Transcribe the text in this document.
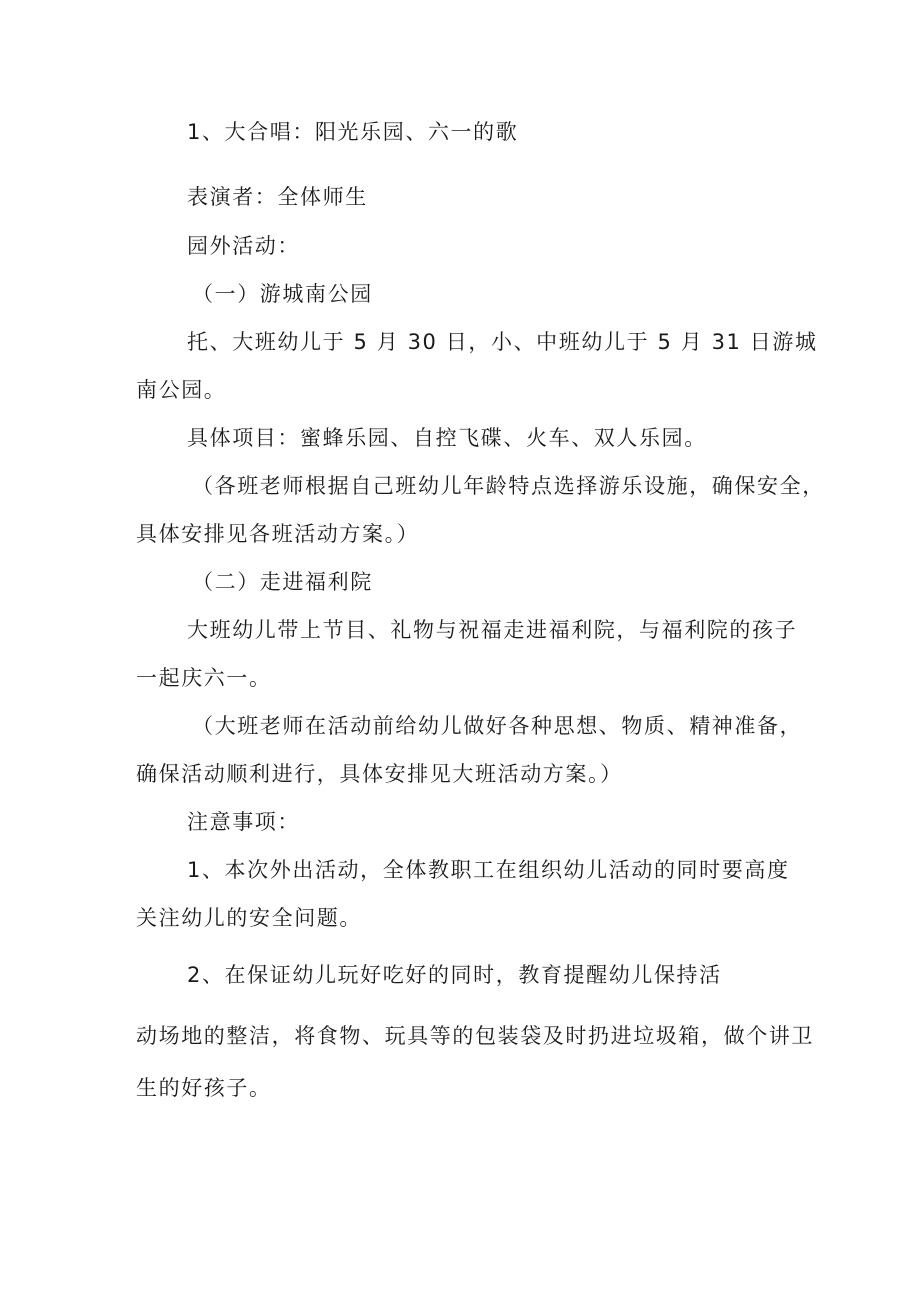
1、大合唱：阳光乐园、六一的歌
表演者：全体师生
园外活动：
（一）游城南公园
托、大班幼儿于 5 月 30 日，小、中班幼儿于 5 月 31 日游城
南公园。
具体项目：蜜蜂乐园、自控飞碟、火车、双人乐园。
（各班老师根据自己班幼儿年龄特点选择游乐设施，确保安全，
具体安排见各班活动方案。）
（二）走进福利院
大班幼儿带上节目、礼物与祝福走进福利院，与福利院的孩子
一起庆六一。
（大班老师在活动前给幼儿做好各种思想、物质、精神准备，
确保活动顺利进行，具体安排见大班活动方案。）
注意事项：
1、本次外出活动，全体教职工在组织幼儿活动的同时要高度
关注幼儿的安全问题。
2、在保证幼儿玩好吃好的同时，教育提醒幼儿保持活
动场地的整洁，将食物、玩具等的包装袋及时扔进垃圾箱，做个讲卫
生的好孩子。
